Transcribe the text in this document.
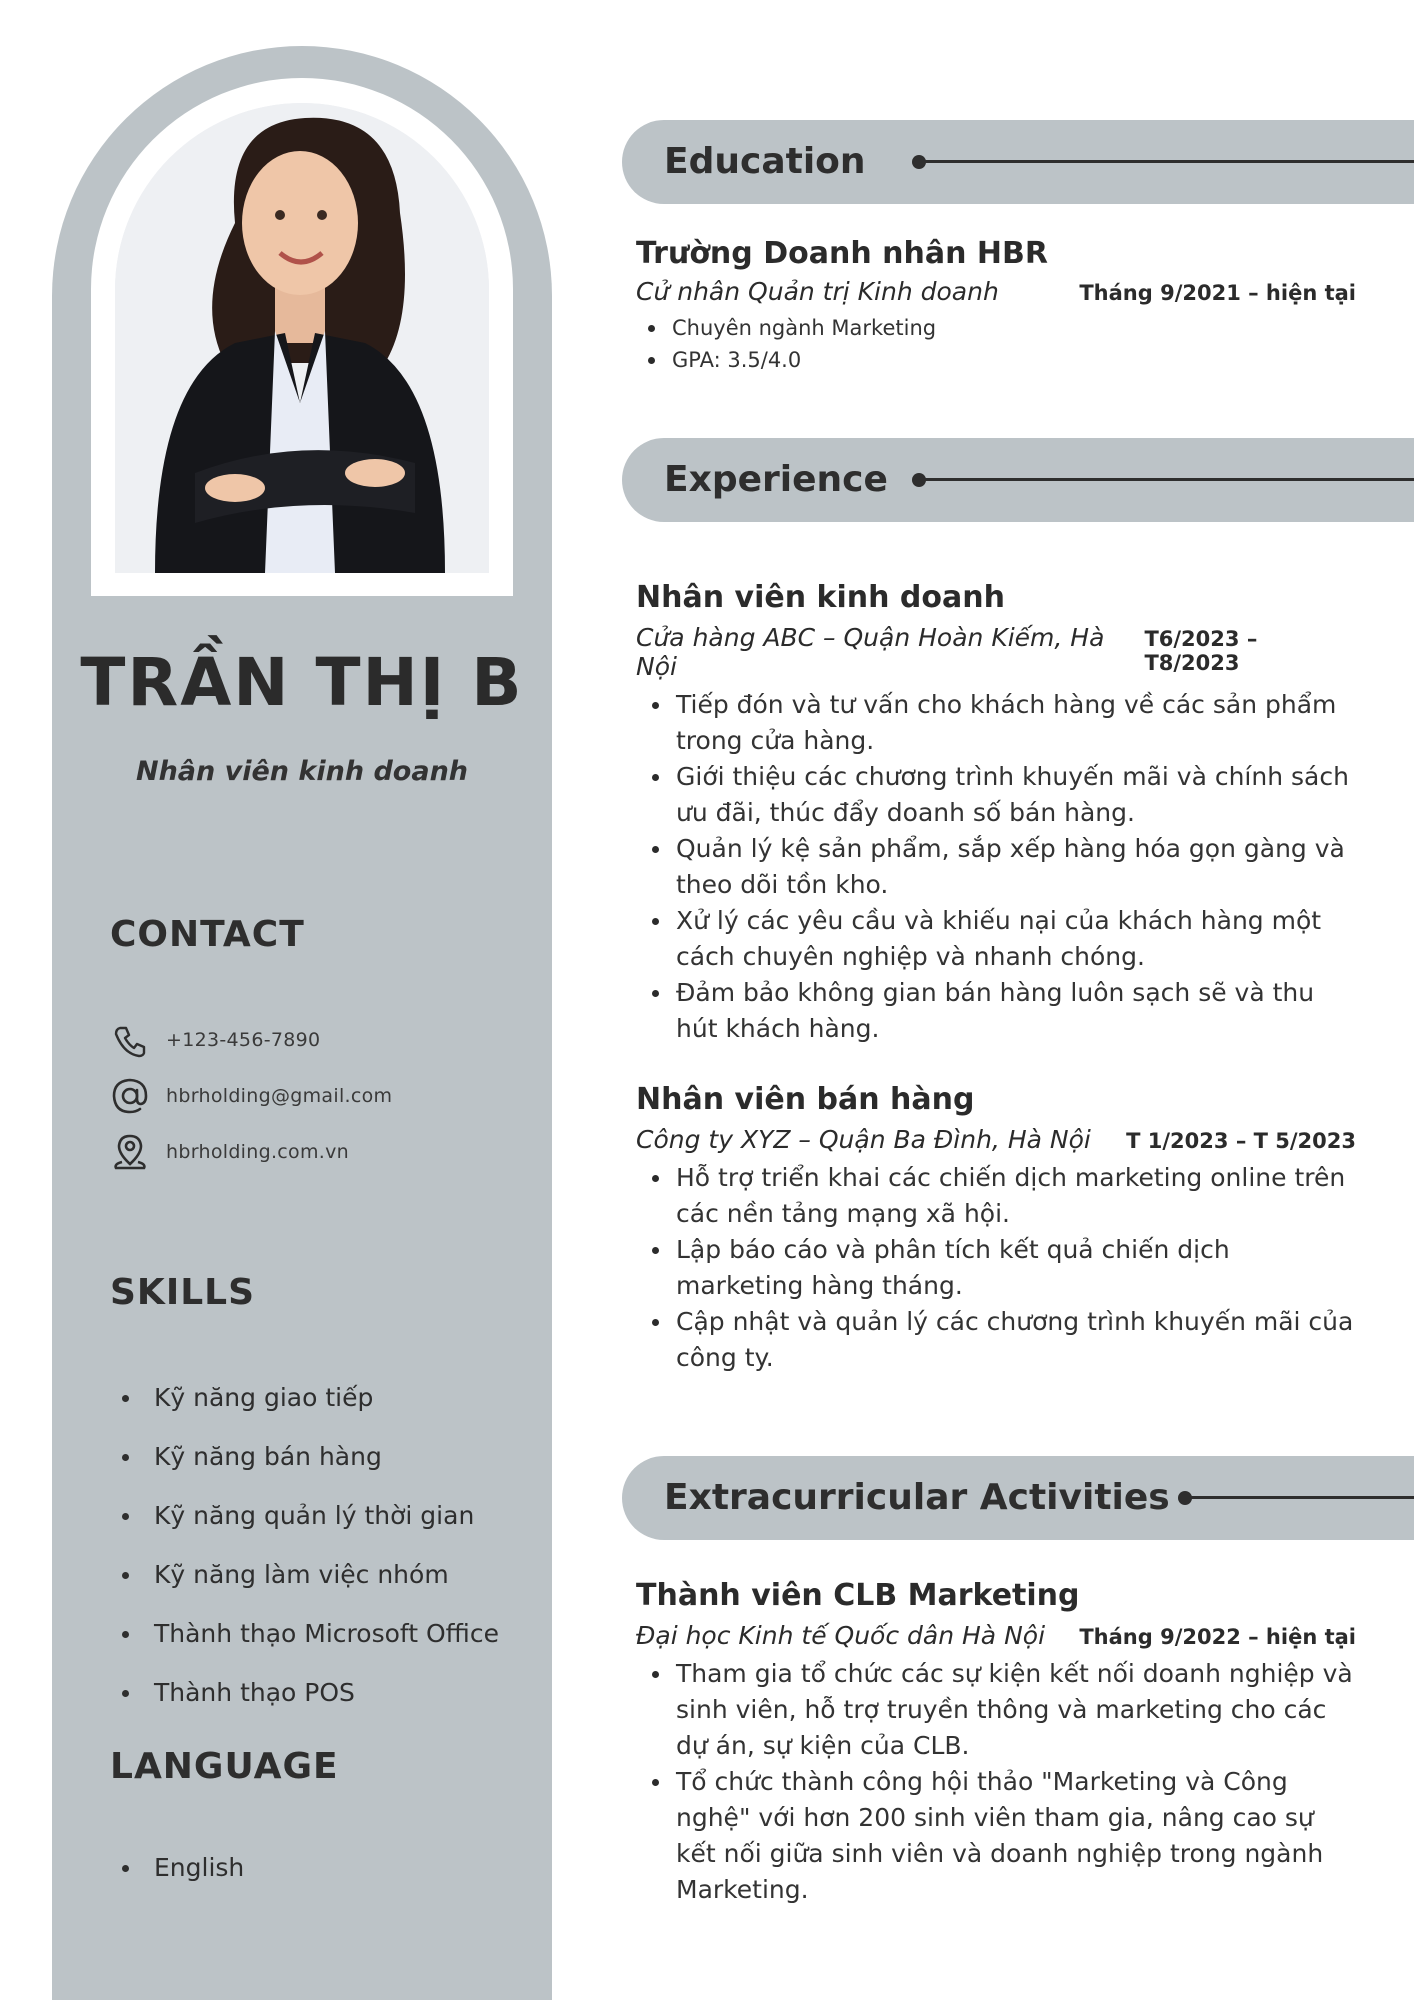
TRẦN THỊ B
Nhân viên kinh doanh
CONTACT
+123-456-7890
hbrholding@gmail.com
hbrholding.com.vn
SKILLS
Kỹ năng giao tiếp
Kỹ năng bán hàng
Kỹ năng quản lý thời gian
Kỹ năng làm việc nhóm
Thành thạo Microsoft Office
Thành thạo POS
LANGUAGE
English
Education
Trường Doanh nhân HBR
Cử nhân Quản trị Kinh doanh	Tháng 9/2021 – hiện tại
Chuyên ngành Marketing
GPA: 3.5/4.0
Experience
Nhân viên kinh doanh
Cửa hàng ABC – Quận Hoàn Kiếm, Hà Nội
T6/2023 – T8/2023
Tiếp đón và tư vấn cho khách hàng về các sản phẩm trong cửa hàng.
Giới thiệu các chương trình khuyến mãi và chính sách ưu đãi, thúc đẩy doanh số bán hàng.
Quản lý kệ sản phẩm, sắp xếp hàng hóa gọn gàng và theo dõi tồn kho.
Xử lý các yêu cầu và khiếu nại của khách hàng một cách chuyên nghiệp và nhanh chóng.
Đảm bảo không gian bán hàng luôn sạch sẽ và thu hút khách hàng.
Nhân viên bán hàng
Công ty XYZ – Quận Ba Đình, Hà Nội T 1/2023 – T 5/2023
Hỗ trợ triển khai các chiến dịch marketing online trên các nền tảng mạng xã hội.
Lập báo cáo và phân tích kết quả chiến dịch marketing hàng tháng.
Cập nhật và quản lý các chương trình khuyến mãi của công ty.
Extracurricular Activities
Thành viên CLB Marketing
Đại học Kinh tế Quốc dân Hà Nội Tháng 9/2022 – hiện tại
Tham gia tổ chức các sự kiện kết nối doanh nghiệp và sinh viên, hỗ trợ truyền thông và marketing cho các dự án, sự kiện của CLB.
Tổ chức thành công hội thảo "Marketing và Công nghệ" với hơn 200 sinh viên tham gia, nâng cao sự kết nối giữa sinh viên và doanh nghiệp trong ngành Marketing.
